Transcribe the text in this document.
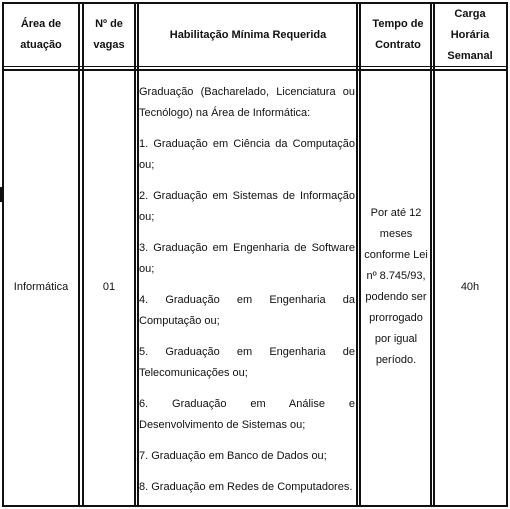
Área de atuação
Nº de vagas
Habilitação Mínima Requerida
Tempo de Contrato
Carga Horária Semanal
Informática	01

Graduação (Bacharelado, Licenciatura ou Tecnólogo) na Área de Informática:

1. Graduação em Ciência da Computação ou;

2. Graduação em Sistemas de Informação ou;

3. Graduação em Engenharia de Software ou;

4. Graduação em Engenharia da Computação ou;

5. Graduação em Engenharia de Telecomunicações ou;

6. Graduação em Análise e Desenvolvimento de Sistemas ou;

7. Graduação em Banco de Dados ou;

8. Graduação em Redes de Computadores.

Por até 12 meses conforme Lei nº 8.745/93, podendo ser prorrogado por igual período.
40h
